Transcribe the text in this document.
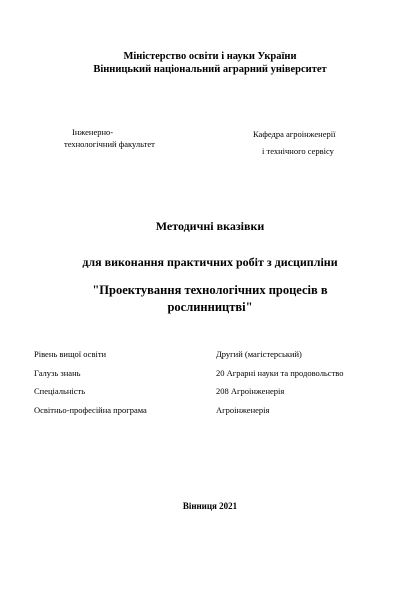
Міністерство освіти і науки України
Вінницький національний аграрний університет
Інженерно-
технологічний факультет
Кафедра агроінженерії
і технічного сервісу
Методичні вказівки
для виконання практичних робіт з дисципліни
"Проектування технологічних процесів в рослинництві"
Рівень вищої освіти	Другий (магістерський)
Галузь знань	20 Аграрні науки та продовольство
Спеціальність	208 Агроінженерія
Освітньо-професійна програма	Агроінженерія
Вінниця 2021
